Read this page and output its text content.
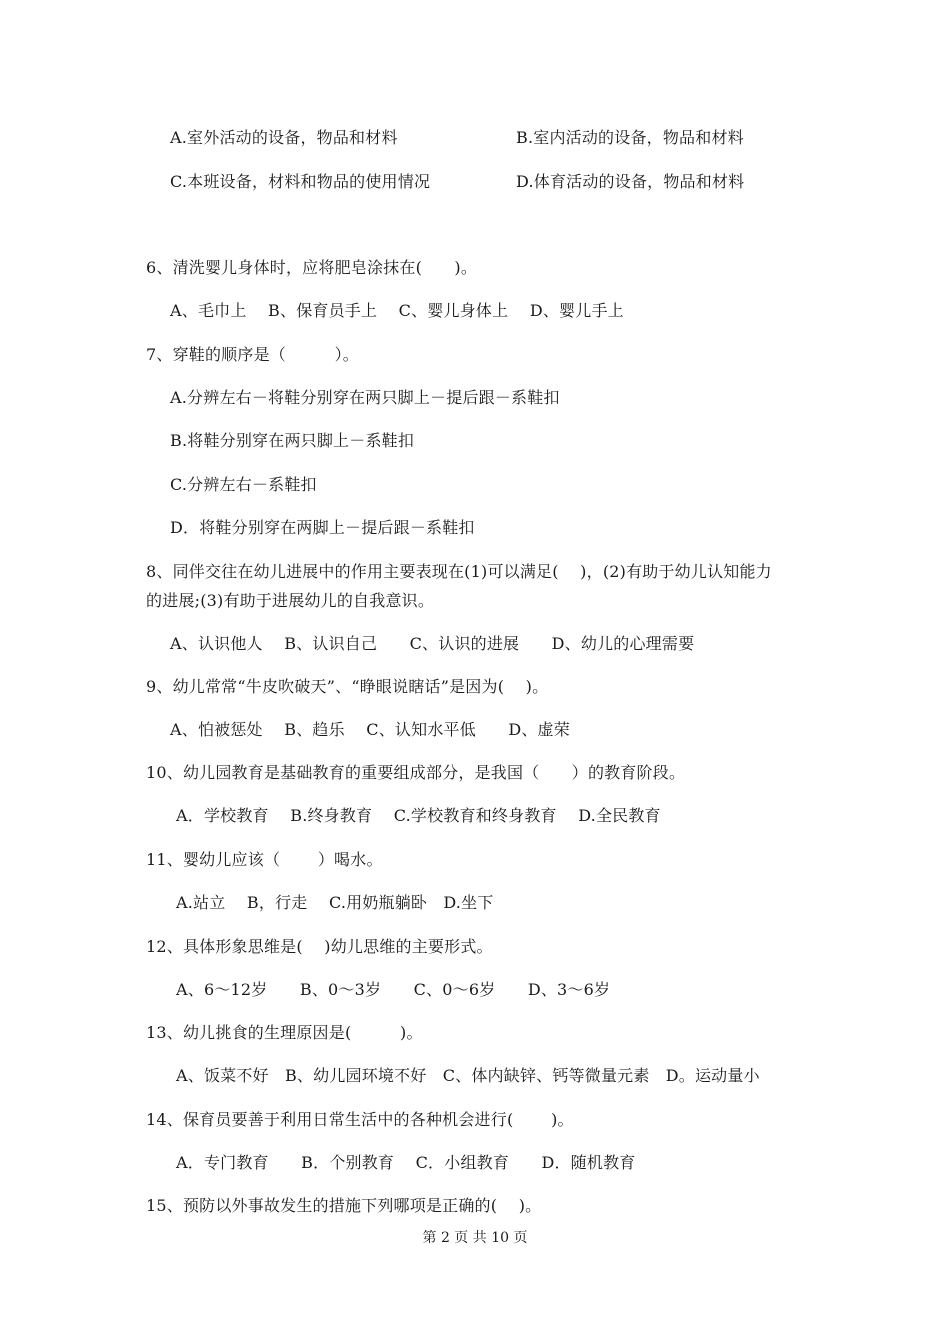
A.室外活动的设备，物品和材料	B.室内活动的设备，物品和材料
C.本班设备，材料和物品的使用情况	D.体育活动的设备，物品和材料
6、清洗婴儿身体时，应将肥皂涂抹在(　　)。
A、毛巾上　 B、保育员手上　 C、婴儿身体上　 D、婴儿手上
7、穿鞋的顺序是（　　　）。
A.分辨左右－将鞋分别穿在两只脚上－提后跟－系鞋扣
B.将鞋分别穿在两只脚上－系鞋扣
C.分辨左右－系鞋扣
D．将鞋分别穿在两脚上－提后跟－系鞋扣
8、同伴交往在幼儿进展中的作用主要表现在(1)可以满足(　 )，(2)有助于幼儿认知能力
的进展;(3)有助于进展幼儿的自我意识。
A、认识他人　 B、认识自己　　C、认识的进展　　D、幼儿的心理需要
9、幼儿常常“牛皮吹破天”、“睁眼说瞎话”是因为(　 )。
A、怕被惩处　 B、趋乐　 C、认知水平低　　D、虚荣
10、幼儿园教育是基础教育的重要组成部分，是我国（　　）的教育阶段。
A．学校教育　 B.终身教育　 C.学校教育和终身教育　 D.全民教育
11、婴幼儿应该（　　 ）喝水。
A.站立　 B，行走　 C.用奶瓶躺卧　D.坐下
12、具体形象思维是(　 )幼儿思维的主要形式。
A、6～12岁　　B、0～3岁　　C、0～6岁　　D、3～6岁
13、幼儿挑食的生理原因是(　　　)。
A、饭菜不好　B、幼儿园环境不好　C、体内缺锌、钙等微量元素　D。运动量小
14、保育员要善于利用日常生活中的各种机会进行(　　 )。
A．专门教育　　B．个别教育　 C．小组教育　　D．随机教育
15、预防以外事故发生的措施下列哪项是正确的(　 )。
第 2 页 共 10 页
